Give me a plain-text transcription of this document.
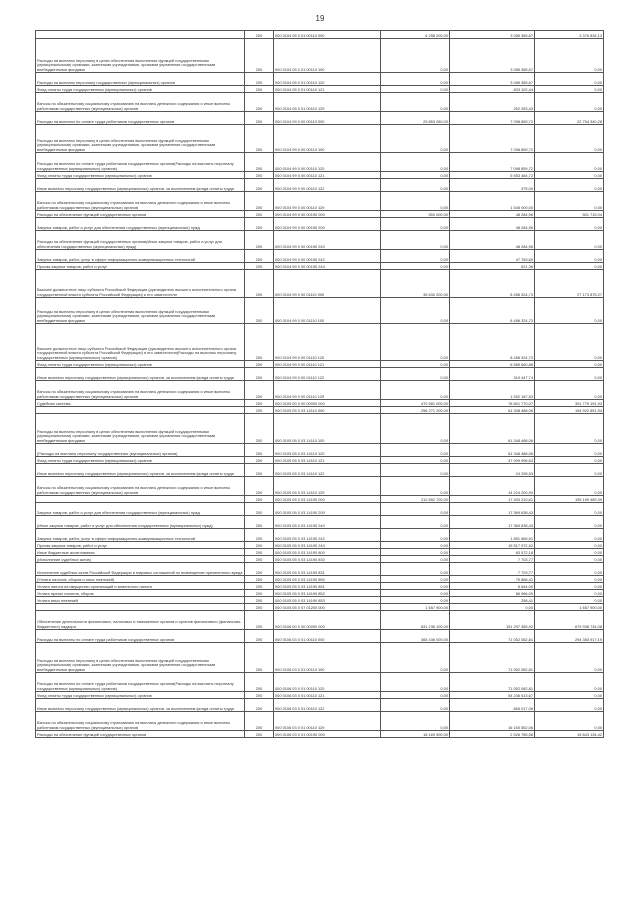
19
	200	000 0104 05 0 01 00110 000	4 258 200,00	3 085 365,67	3 376 834,13
Расходы на выплаты персоналу в целях обеспечения выполнения функций государственными (муниципальными) органами, казенными учреждениями, органами управления государственными внебюджетными фондами	200	000 0104 05 0 01 00110 100	0,00	3 085 365,67	0,00
Расходы на выплаты персоналу государственных (муниципальных) органов	200	000 0104 05 0 01 00110 120	0,00	3 085 365,67	0,00
Фонд оплаты труда государственных (муниципальных) органов	200	000 0104 05 0 01 00110 121	0,00	833 102,44	0,00
Взносы по обязательному социальному страхованию на выплаты денежного содержания и иные выплаты работникам государственных (муниципальных) органов	200	000 0104 05 0 01 00110 129	0,00	252 263,43	0,00
Расходы на выплаты по оплате труда работников государственных органов	200	000 0104 99 0 00 00110 000	29 853 280,00	7 098 859,72	22 754 340,28
Расходы на выплаты персоналу в целях обеспечения выполнения функций государственными (муниципальными) органами, казенными учреждениями, органами управления государственными внебюджетными фондами	200	000 0104 99 0 00 00110 100	0,00	7 098 859,72	0,00
Расходы на выплаты по оплате труда работников государственных органов(Расходы на выплаты персоналу государственных (муниципальных) органов)	200	000 0104 99 0 00 00110 120	0,00	7 098 859,72	0,00
Фонд оплаты труда государственных (муниципальных) органов	200	000 0104 99 0 00 00110 121	0,00	5 553 484,72	0,00
Иные выплаты персоналу государственных (муниципальных) органов, за исключением фонда оплаты труда	200	000 0104 99 0 00 00110 122	0,00	375,00	0,00
Взносы по обязательному социальному страхованию на выплаты денежного содержания и иные выплаты работникам государственных (муниципальных) органов	200	000 0104 99 0 00 00110 129	0,00	1 545 000,00	0,00
Расходы на обеспечение функций государственных органов	200	000 0104 99 0 00 00190 000	550 000,00	48 284,96	501 715,04
Закупка товаров, работ и услуг для обеспечения государственных (муниципальных) нужд	200	000 0104 99 0 00 00190 200	0,00	48 284,96	0,00
Расходы на обеспечение функций государственных органов(Иные закупки товаров, работ и услуг для обеспечения государственных (муниципальных) нужд)	200	000 0104 99 0 00 00190 240	0,00	48 284,96	0,00
Закупка товаров, работ, услуг в сфере информационно-коммуникационных технологий	200	000 0104 99 0 00 00190 242	0,00	47 763,60	0,00
Прочая закупка товаров, работ и услуг	200	000 0104 99 0 00 00190 244	0,00	521,36	0,00
Высшее должностное лицо субъекта Российской Федерации (руководитель высшего исполнительного органа государственной власти субъекта Российской Федерации) и его заместители	200	000 0104 99 0 00 01110 000	35 630 200,00	8 456 324,73	27 173 875,27
Расходы на выплаты персоналу в целях обеспечения выполнения функций государственными (муниципальными) органами, казенными учреждениями, органами управления государственными внебюджетными фондами	200	000 0104 99 0 00 01110 100	0,00	8 456 324,73	0,00
Высшее должностное лицо субъекта Российской Федерации (руководитель высшего исполнительного органа государственной власти субъекта Российской Федерации) и его заместители(Расходы на выплаты персоналу государственных (муниципальных) органов)	200	000 0104 99 0 00 01110 120	0,00	8 456 324,73	0,00
Фонд оплаты труда государственных (муниципальных) органов	200	000 0104 99 0 00 01110 121	0,00	6 589 660,88	0,00
Иные выплаты персоналу государственных (муниципальных) органов, за исключением фонда оплаты труда	200	000 0104 99 0 00 01110 122	0,00	319 447,74	0,00
Взносы по обязательному социальному страхованию на выплаты денежного содержания и иные выплаты работникам государственных (муниципальных) органов	200	000 0104 99 0 00 01110 129	0,00	1 552 187,53	0,00
Судебная система	200	000 0105 00 0 00 00000 000	470 581 000,00	78 801 770,07	391 779 191,93
	200	000 0105 05 0 03 14110 000	256 271 200,00	61 348 488,06	194 922 851,94
Расходы на выплаты персоналу в целях обеспечения выполнения функций государственными (муниципальными) органами, казенными учреждениями, органами управления государственными внебюджетными фондами	200	000 0105 05 0 03 14110 100	0,00	61 348 488,06	0,00
(Расходы на выплаты персоналу государственных (муниципальных) органов)	200	000 0105 05 0 03 14110 120	0,00	61 348 488,06	0,00
Фонд оплаты труда государственных (муниципальных) органов	200	000 0105 05 0 03 14110 121	0,00	47 099 996,63	0,00
Иные выплаты персоналу государственных (муниципальных) органов, за исключением фонда оплаты труда	200	000 0105 05 0 03 14110 122	0,00	24 298,53	0,00
Взносы по обязательному социальному страхованию на выплаты денежного содержания и иные выплаты работникам государственных (муниципальных) органов	200	000 0105 05 0 03 14110 129	0,00	14 224 200,90	0,00
	200	000 0105 05 0 03 14190 000	212 652 700,00	17 453 210,61	195 199 489,39
Закупка товаров, работ и услуг для обеспечения государственных (муниципальных) нужд	200	000 0105 05 0 03 14190 200	0,00	17 369 638,43	0,00
(Иные закупки товаров, работ и услуг для обеспечения государственных (муниципальных) нужд)	200	000 0105 05 0 03 14190 240	0,00	17 369 638,43	0,00
Закупка товаров, работ, услуг в сфере информационно-коммуникационных технологий	200	000 0105 05 0 03 14190 242	0,00	1 851 665,91	0,00
Прочая закупка товаров, работ и услуг	200	000 0105 05 0 03 14190 244	0,00	15 517 972,52	0,00
Иные бюджетные ассигнования	200	000 0105 05 0 03 14190 800	0,00	83 572,18	0,00
(Исполнение судебных актов)	200	000 0105 05 0 03 14190 830	0,00	7 703,77	0,00
Исполнение судебных актов Российской Федерации и мировых соглашений по возмещению причиненного вреда	200	000 0105 05 0 03 14190 831	0,00	7 703,77	0,00
(Уплата налогов, сборов и иных платежей)	200	000 0105 05 0 03 14190 850	0,00	75 868,41	0,00
Уплата налога на имущество организаций и земельного налога	200	000 0105 05 0 03 14190 851	0,00	8 644,00	0,00
Уплата прочих налогов, сборов	200	000 0105 05 0 03 14190 852	0,00	66 966,00	0,00
Уплата иных платежей	200	000 0105 05 0 03 14190 853	0,00	258,41	0,00
	200	000 0105 05 0 07 01200 000	1 657 900,00	0,00	1 657 900,00
Обеспечение деятельности финансовых, налоговых и таможенных органов и органов финансового (финансово-бюджетного) надзора	200	000 0106 00 0 00 00000 000	831 236 100,00	151 297 365,92	679 938 734,08
Расходы на выплаты по оплате труда работников государственных органов	200	000 0106 03 0 01 00110 000	365 436 000,00	71 052 082,81	294 383 917,19
Расходы на выплаты персоналу в целях обеспечения выполнения функций государственными (муниципальными) органами, казенными учреждениями, органами управления государственными внебюджетными фондами	200	000 0106 03 0 01 00110 100	0,00	71 052 082,81	0,00
Расходы на выплаты по оплате труда работников государственных органов(Расходы на выплаты персоналу государственных (муниципальных) органов)	200	000 0106 03 0 01 00110 120	0,00	71 052 082,81	0,00
Фонд оплаты труда государственных (муниципальных) органов	200	000 0106 03 0 01 00110 121	0,00	54 236 513,67	0,00
Иные выплаты персоналу государственных (муниципальных) органов, за исключением фонда оплаты труда	200	000 0106 03 0 01 00110 122	0,00	665 017,08	0,00
Взносы по обязательному социальному страхованию на выплаты денежного содержания и иные выплаты работникам государственных (муниципальных) органов	200	000 0106 03 0 01 00110 129	0,00	16 150 552,06	0,00
Расходы на обеспечение функций государственных органов	200	000 0106 03 0 01 00190 000	18 169 900,00	2 526 765,58	15 643 134,42
